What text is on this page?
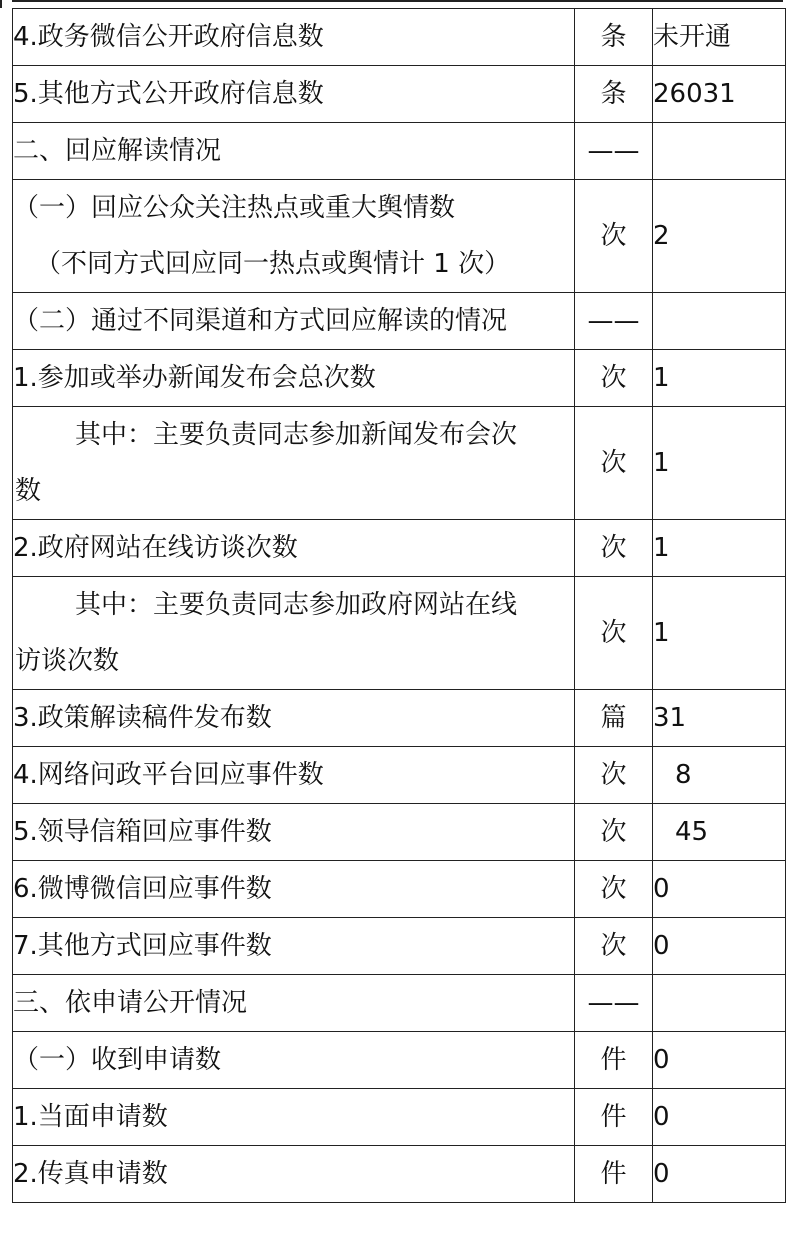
4.政务微信公开政府信息数	条	未开通
5.其他方式公开政府信息数	条	26031
二、回应解读情况	——	

（一）回应公众关注热点或重大舆情数
（不同方式回应同一热点或舆情计 1 次）	次	2
（二）通过不同渠道和方式回应解读的情况	——	
1.参加或举办新闻发布会总次数	次	1

其中：主要负责同志参加新闻发布会次
数	次	1
2.政府网站在线访谈次数	次	1

其中：主要负责同志参加政府网站在线
访谈次数	次	1
3.政策解读稿件发布数	篇	31
4.网络问政平台回应事件数	次	8
5.领导信箱回应事件数	次	45
6.微博微信回应事件数	次	0
7.其他方式回应事件数	次	0
三、依申请公开情况	——	
（一）收到申请数	件	0
1.当面申请数	件	0
2.传真申请数	件	0
